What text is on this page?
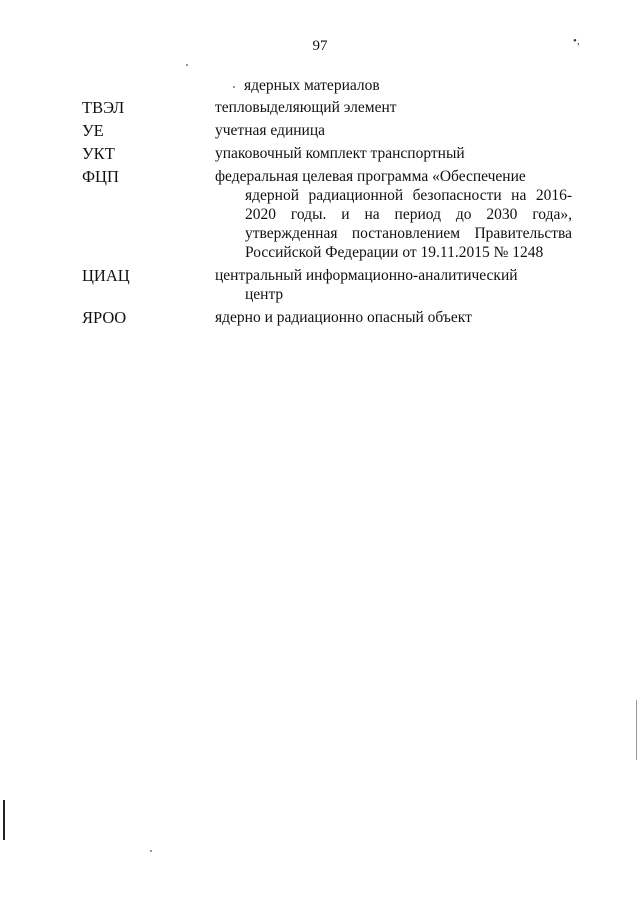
97	•,
ядерных материалов
ТВЭЛ	тепловыделяющий элемент
УЕ	учетная единица
УКТ	упаковочный комплект транспортный
ФЦП	федеральная целевая программа «Обеспечение
ядерной радиационной безопасности на 2016-2020 годы. и на период до 2030 года», утвержденная постановлением Правительства Российской Федерации от 19.11.2015 № 1248
ЦИАЦ	центральный информационно-аналитический
центр
ЯРОО	ядерно и радиационно опасный объект
